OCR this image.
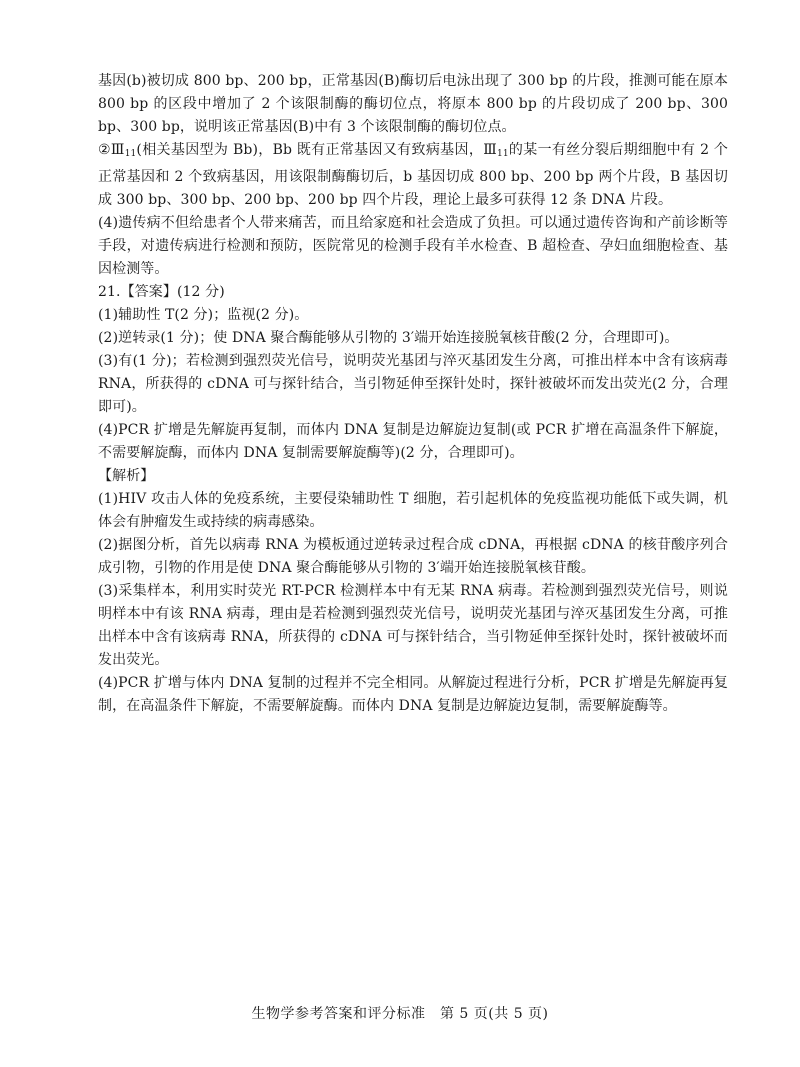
基因(b)被切成 800 bp、200 bp，正常基因(B)酶切后电泳出现了 300 bp 的片段，推测可能在原本 800 bp 的区段中增加了 2 个该限制酶的酶切位点，将原本 800 bp 的片段切成了 200 bp、300 bp、300 bp，说明该正常基因(B)中有 3 个该限制酶的酶切位点。

$②Ⅲ_{11}$(相关基因型为 Bb)，Bb 既有正常基因又有致病基因，$Ⅲ_{11}$的某一有丝分裂后期细胞中有 2 个正常基因和 2 个致病基因，用该限制酶酶切后，b 基因切成 800 bp、200 bp 两个片段，B 基因切成 300 bp、300 bp、200 bp、200 bp 四个片段，理论上最多可获得 12 条 DNA 片段。

(4)遗传病不但给患者个人带来痛苦，而且给家庭和社会造成了负担。可以通过遗传咨询和产前诊断等手段，对遗传病进行检测和预防，医院常见的检测手段有羊水检查、B 超检查、孕妇血细胞检查、基因检测等。

21.【答案】(12 分)

(1)辅助性 T(2 分)；监视(2 分)。

(2)逆转录(1 分)；使 DNA 聚合酶能够从引物的 3′端开始连接脱氧核苷酸(2 分，合理即可)。

(3)有(1 分)；若检测到强烈荧光信号，说明荧光基团与淬灭基团发生分离，可推出样本中含有该病毒 RNA，所获得的 cDNA 可与探针结合，当引物延伸至探针处时，探针被破坏而发出荧光(2 分，合理即可)。

(4)PCR 扩增是先解旋再复制，而体内 DNA 复制是边解旋边复制(或 PCR 扩增在高温条件下解旋，不需要解旋酶，而体内 DNA 复制需要解旋酶等)(2 分，合理即可)。

【解析】

(1)HIV 攻击人体的免疫系统，主要侵染辅助性 T 细胞，若引起机体的免疫监视功能低下或失调，机体会有肿瘤发生或持续的病毒感染。

(2)据图分析，首先以病毒 RNA 为模板通过逆转录过程合成 cDNA，再根据 cDNA 的核苷酸序列合成引物，引物的作用是使 DNA 聚合酶能够从引物的 3′端开始连接脱氧核苷酸。

(3)采集样本，利用实时荧光 RT-PCR 检测样本中有无某 RNA 病毒。若检测到强烈荧光信号，则说明样本中有该 RNA 病毒，理由是若检测到强烈荧光信号，说明荧光基团与淬灭基团发生分离，可推出样本中含有该病毒 RNA，所获得的 cDNA 可与探针结合，当引物延伸至探针处时，探针被破坏而发出荧光。

(4)PCR 扩增与体内 DNA 复制的过程并不完全相同。从解旋过程进行分析，PCR 扩增是先解旋再复制，在高温条件下解旋，不需要解旋酶。而体内 DNA 复制是边解旋边复制，需要解旋酶等。

生物学参考答案和评分标准　第 5 页(共 5 页)
